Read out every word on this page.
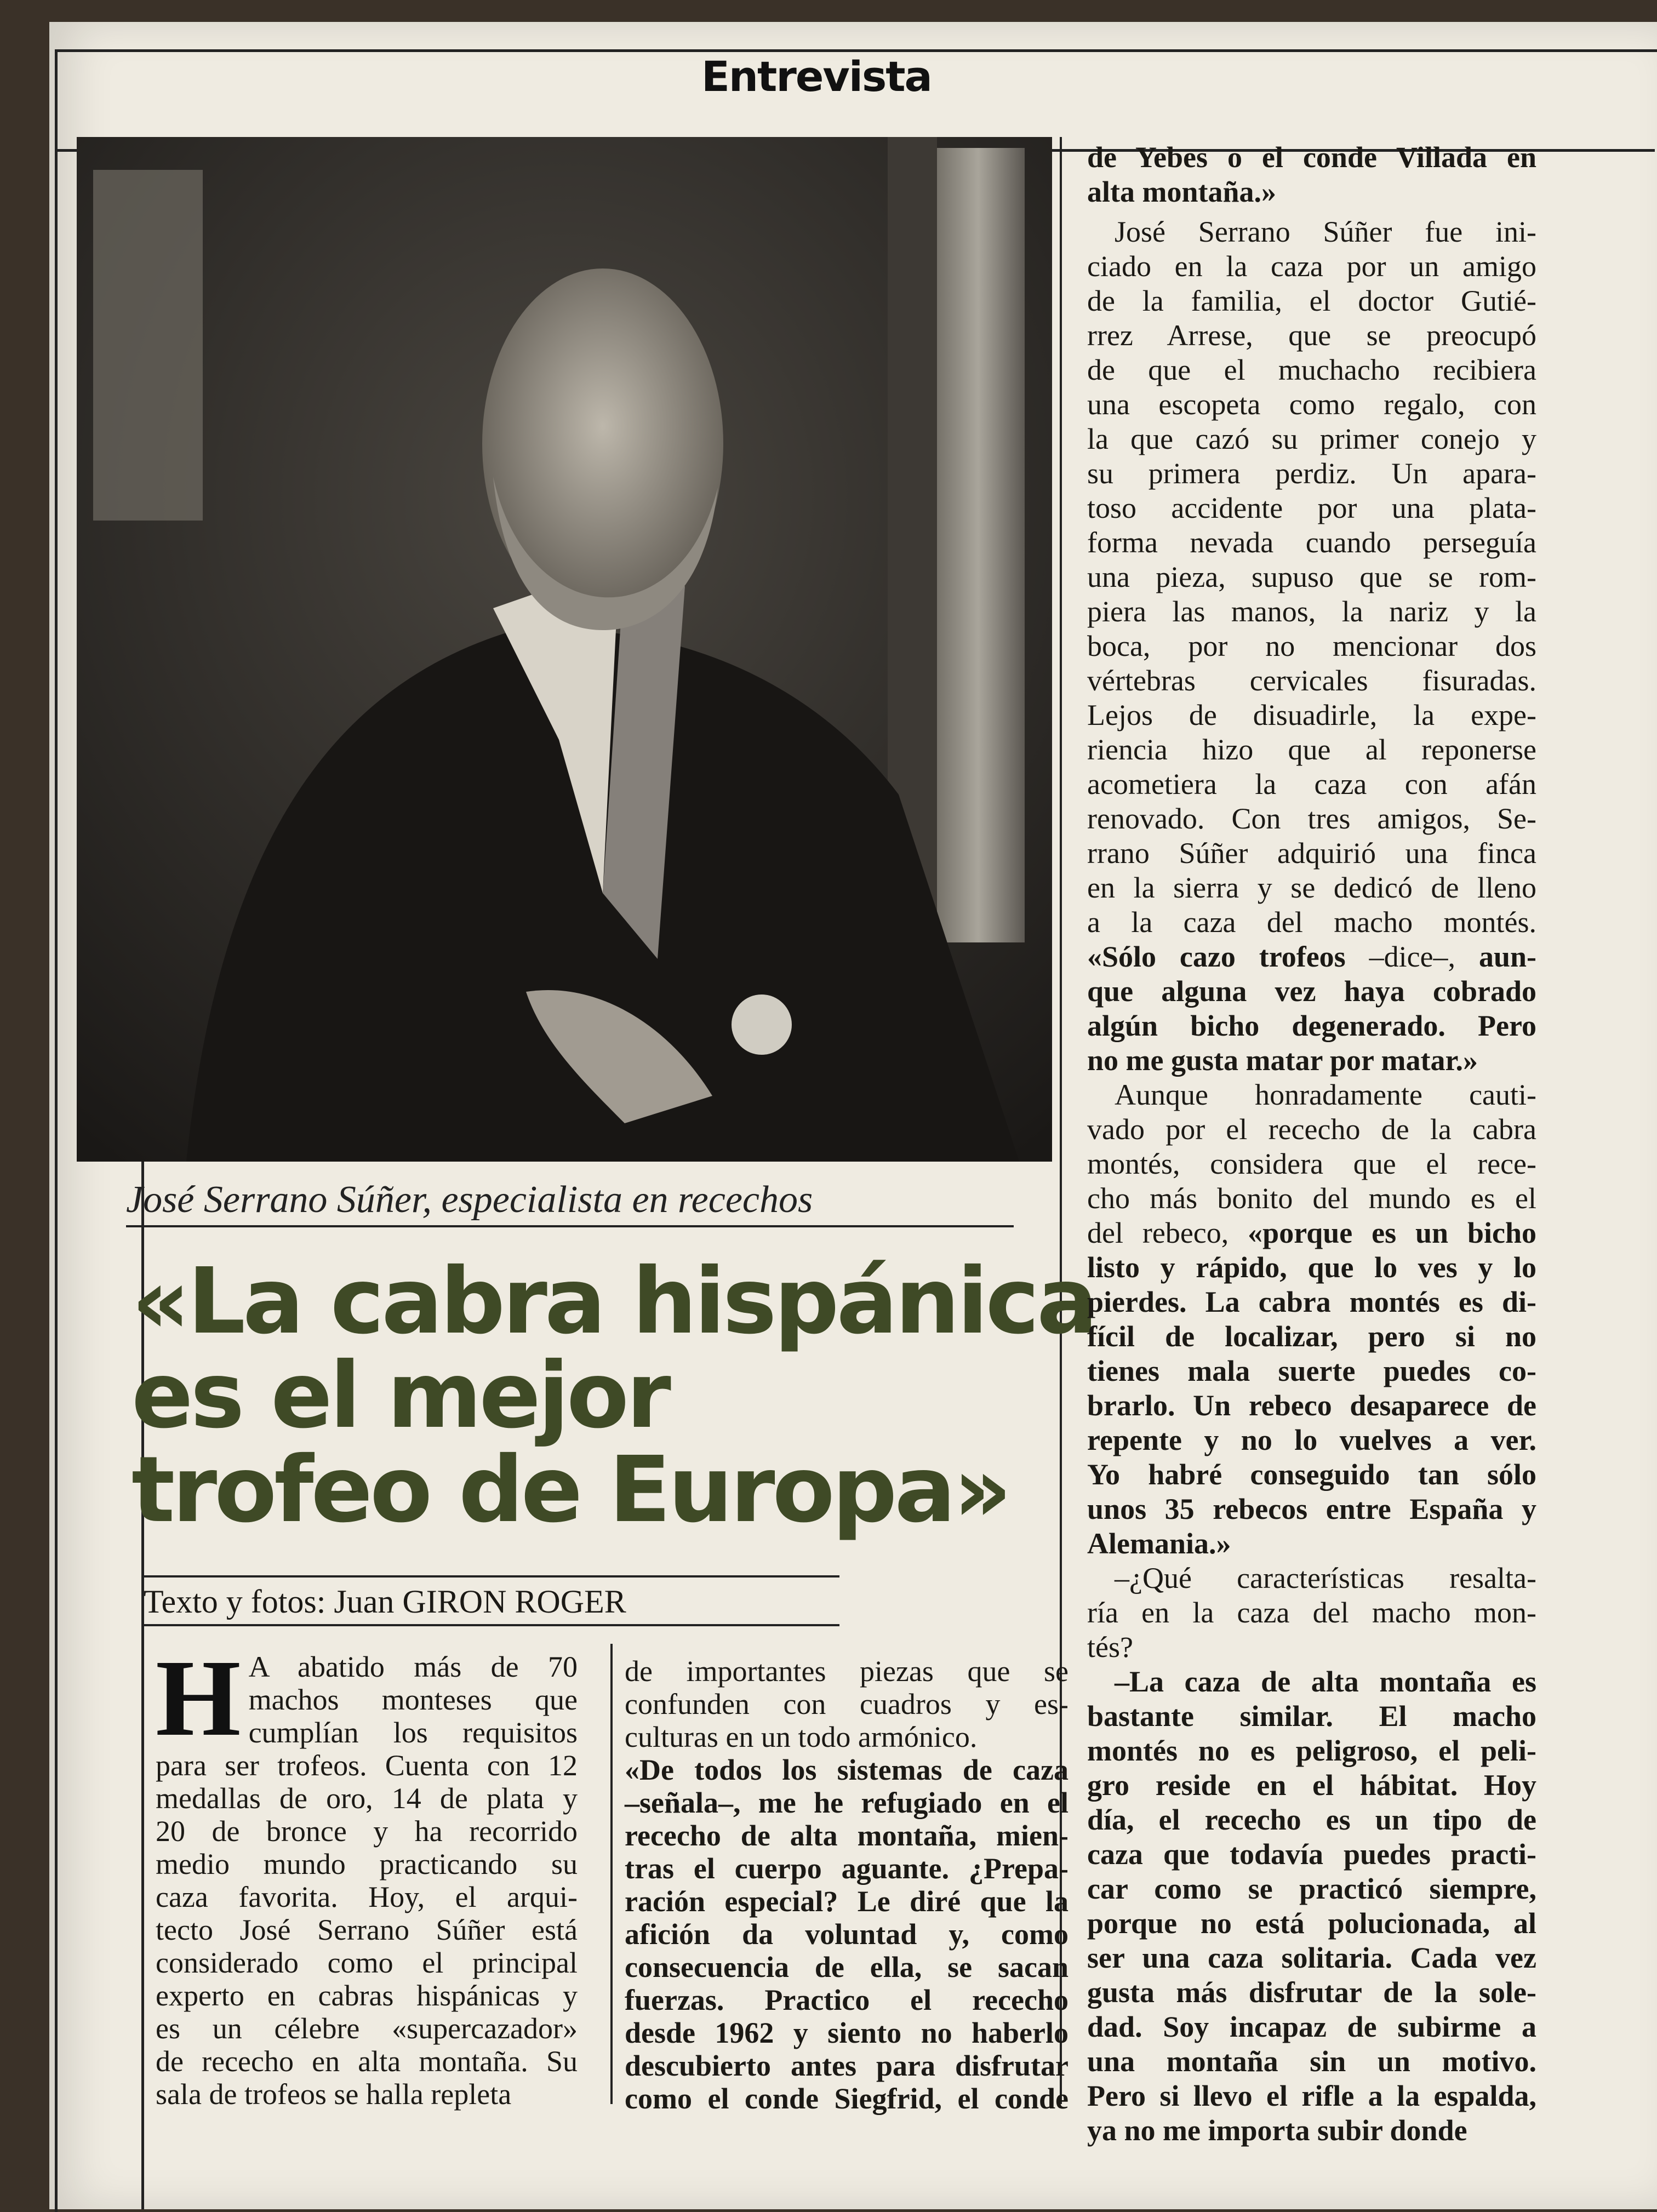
Entrevista
José Serrano Súñer, especialista en recechos
«La cabra hispánica
es el mejor
trofeo de Europa»
Texto y fotos: Juan GIRON ROGER
H A abatido más de 70
machos monteses que
cumplían los requisitos
para ser trofeos. Cuenta con 12
medallas de oro, 14 de plata y
20 de bronce y ha recorrido
medio mundo practicando su
caza favorita. Hoy, el arqui-
tecto José Serrano Súñer está
considerado como el principal
experto en cabras hispánicas y
es un célebre «supercazador»
de rececho en alta montaña. Su
sala de trofeos se halla repleta
de importantes piezas que se
confunden con cuadros y es-
culturas en un todo armónico.
«De todos los sistemas de caza
–señala–, me he refugiado en el
rececho de alta montaña, mien-
tras el cuerpo aguante. ¿Prepa-
ración especial? Le diré que la
afición da voluntad y, como
consecuencia de ella, se sacan
fuerzas. Practico el rececho
desde 1962 y siento no haberlo
descubierto antes para disfrutar
como el conde Siegfrid, el conde
de Yebes o el conde Villada en
alta montaña.»
José Serrano Súñer fue ini-
ciado en la caza por un amigo
de la familia, el doctor Gutié-
rrez Arrese, que se preocupó
de que el muchacho recibiera
una escopeta como regalo, con
la que cazó su primer conejo y
su primera perdiz. Un apara-
toso accidente por una plata-
forma nevada cuando perseguía
una pieza, supuso que se rom-
piera las manos, la nariz y la
boca, por no mencionar dos
vértebras cervicales fisuradas.
Lejos de disuadirle, la expe-
riencia hizo que al reponerse
acometiera la caza con afán
renovado. Con tres amigos, Se-
rrano Súñer adquirió una finca
en la sierra y se dedicó de lleno
a la caza del macho montés.
«Sólo cazo trofeos –dice–, aun-
que alguna vez haya cobrado
algún bicho degenerado. Pero
no me gusta matar por matar.»
Aunque honradamente cauti-
vado por el rececho de la cabra
montés, considera que el rece-
cho más bonito del mundo es el
del rebeco, «porque es un bicho
listo y rápido, que lo ves y lo
pierdes. La cabra montés es di-
fícil de localizar, pero si no
tienes mala suerte puedes co-
brarlo. Un rebeco desaparece de
repente y no lo vuelves a ver.
Yo habré conseguido tan sólo
unos 35 rebecos entre España y
Alemania.»
–¿Qué características resalta-
ría en la caza del macho mon-
tés?
–La caza de alta montaña es
bastante similar. El macho
montés no es peligroso, el peli-
gro reside en el hábitat. Hoy
día, el rececho es un tipo de
caza que todavía puedes practi-
car como se practicó siempre,
porque no está polucionada, al
ser una caza solitaria. Cada vez
gusta más disfrutar de la sole-
dad. Soy incapaz de subirme a
una montaña sin un motivo.
Pero si llevo el rifle a la espalda,
ya no me importa subir donde
